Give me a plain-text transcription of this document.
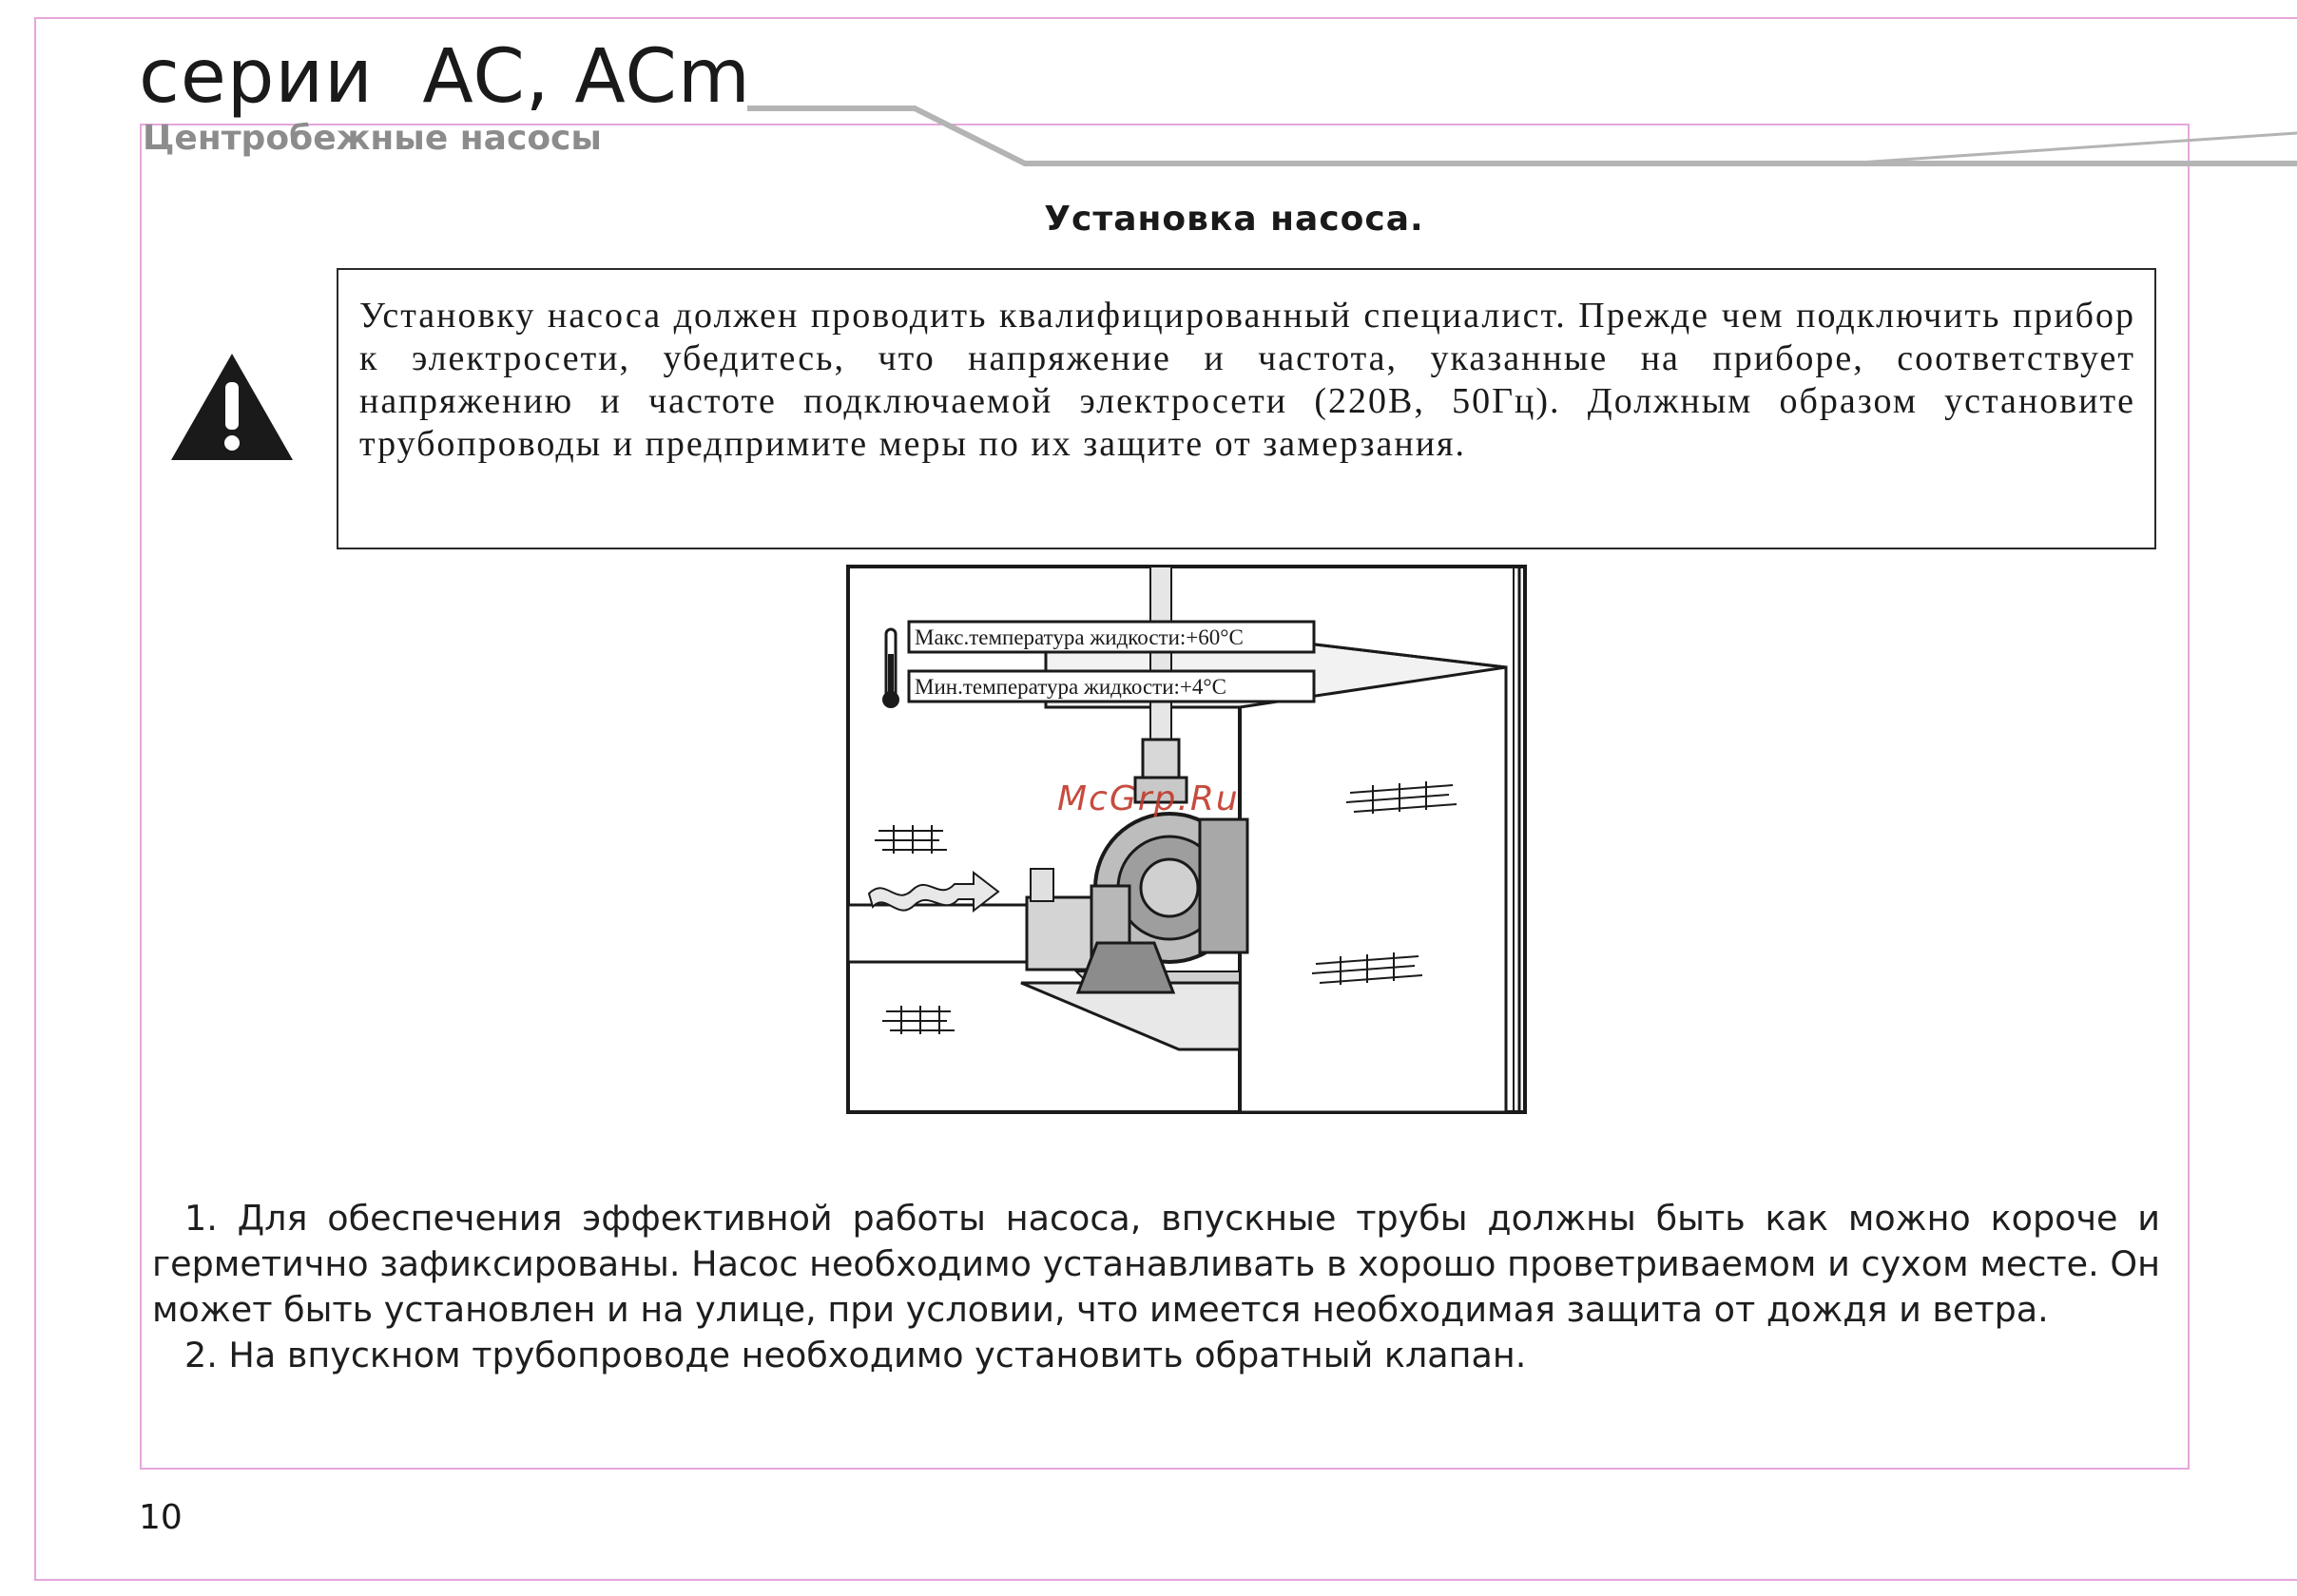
серии  AC, ACm
Центробежные насосы
Установка насоса.

Установку насоса должен проводить квалифицированный специалист. Прежде чем подключить прибор к электросети, убедитесь, что напряжение и частота, указанные на приборе, соответствует напряжению и частоте подключаемой электросети (220В, 50Гц). Должным образом установите трубопроводы и предпримите меры по их защите от замерзания.

Макс.температура жидкости:+60°С
Мин.температура жидкости:+4°С
McGrp.Ru

1. Для обеспечения эффективной работы насоса, впускные трубы должны быть как можно короче и герметично зафиксированы. Насос необходимо устанавливать в хорошо проветриваемом и сухом месте. Он может быть установлен и на улице, при условии, что имеется необходимая защита от дождя и ветра.

2. На впускном трубопроводе необходимо установить обратный клапан.

10
